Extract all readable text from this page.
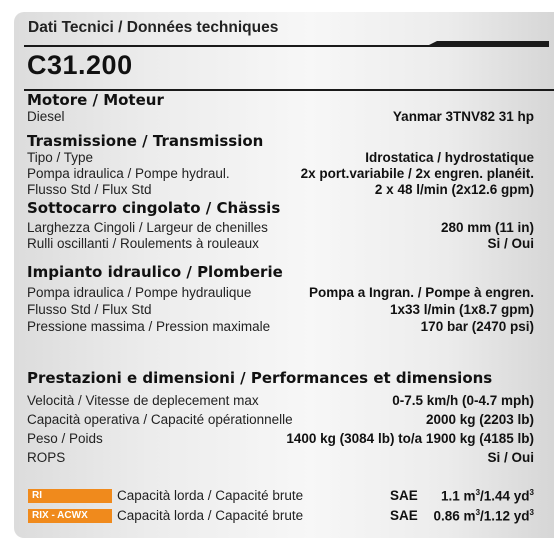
Dati Tecnici / Données techniques
C31.200
Motore / Moteur
Diesel	Yanmar 3TNV82 31 hp
Trasmissione / Transmission
Tipo / Type	Idrostatica / hydrostatique
Pompa idraulica / Pompe hydraul.	2x port.variabile / 2x engren. planéit.
Flusso Std / Flux Std	2 x 48 l/min (2x12.6 gpm)
Sottocarro cingolato / Chässis
Larghezza Cingoli / Largeur de chenilles	280 mm (11 in)
Rulli oscillanti / Roulements à rouleaux	Si / Oui
Impianto idraulico / Plomberie
Pompa idraulica / Pompe hydraulique	Pompa a Ingran. / Pompe à engren.
Flusso Std / Flux Std	1x33 l/min (1x8.7 gpm)
Pressione massima / Pression maximale	170 bar (2470 psi)
Prestazioni e dimensioni / Performances et dimensions
Velocità / Vitesse de deplecement max	0-7.5 km/h (0-4.7 mph)
Capacità operativa / Capacité opérationnelle	2000 kg (2203 lb)
Peso / Poids	1400 kg (3084 lb) to/a 1900 kg (4185 lb)
ROPS	Si / Oui
RI	Capacità lorda / Capacité brute	SAE 1.1 $m^3/1.44$ $yd^3$
RIX - ACWX	Capacità lorda / Capacité brute	SAE 0.86 $m^3/1.12$ $yd^3$
